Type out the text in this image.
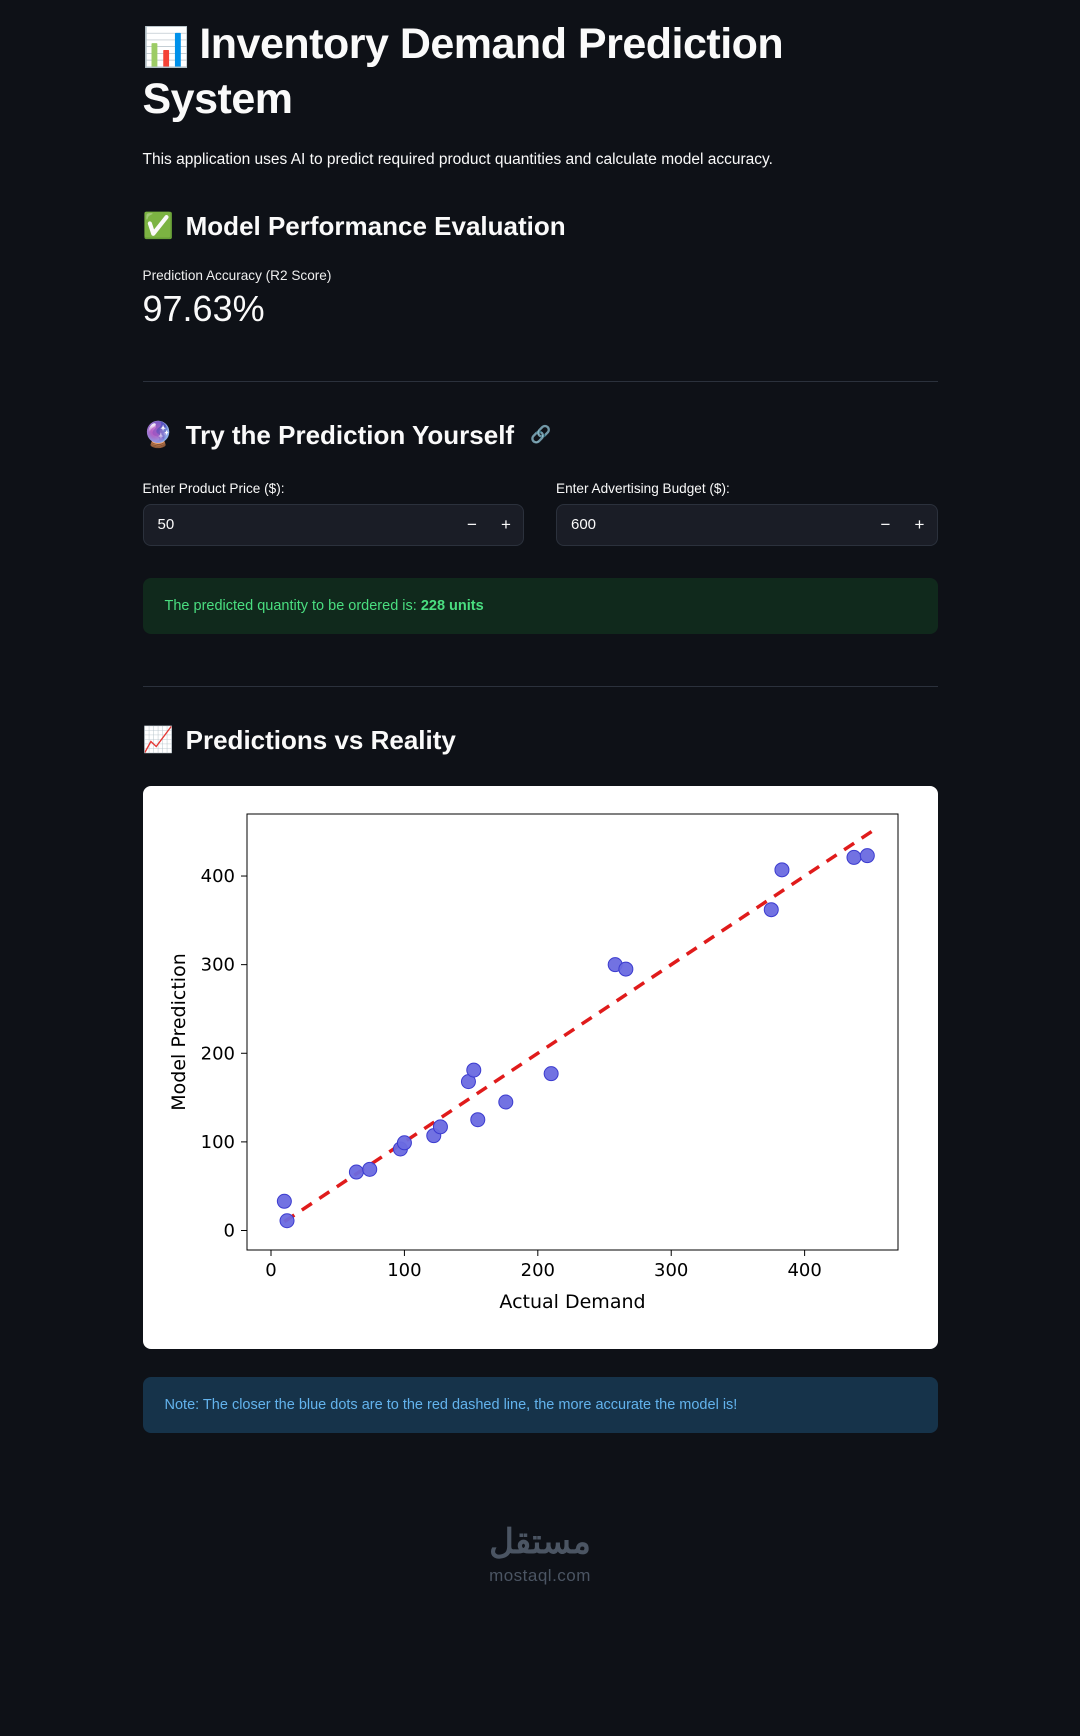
📊 Inventory Demand Prediction System

This application uses AI to predict required product quantities and calculate model accuracy.

✅ Model Performance Evaluation
Prediction Accuracy (R2 Score)
97.63%
🔮 Try the Prediction Yourself 🔗
Enter Product Price ($):
50
−	+
Enter Advertising Budget ($):
600
−	+
The predicted quantity to be ordered is: 228 units
📈 Predictions vs Reality
0	100	200	300	400
0
100
200
300
400
Actual Demand
Model Prediction
Note: The closer the blue dots are to the red dashed line, the more accurate the model is!
مستقل
mostaql.com
